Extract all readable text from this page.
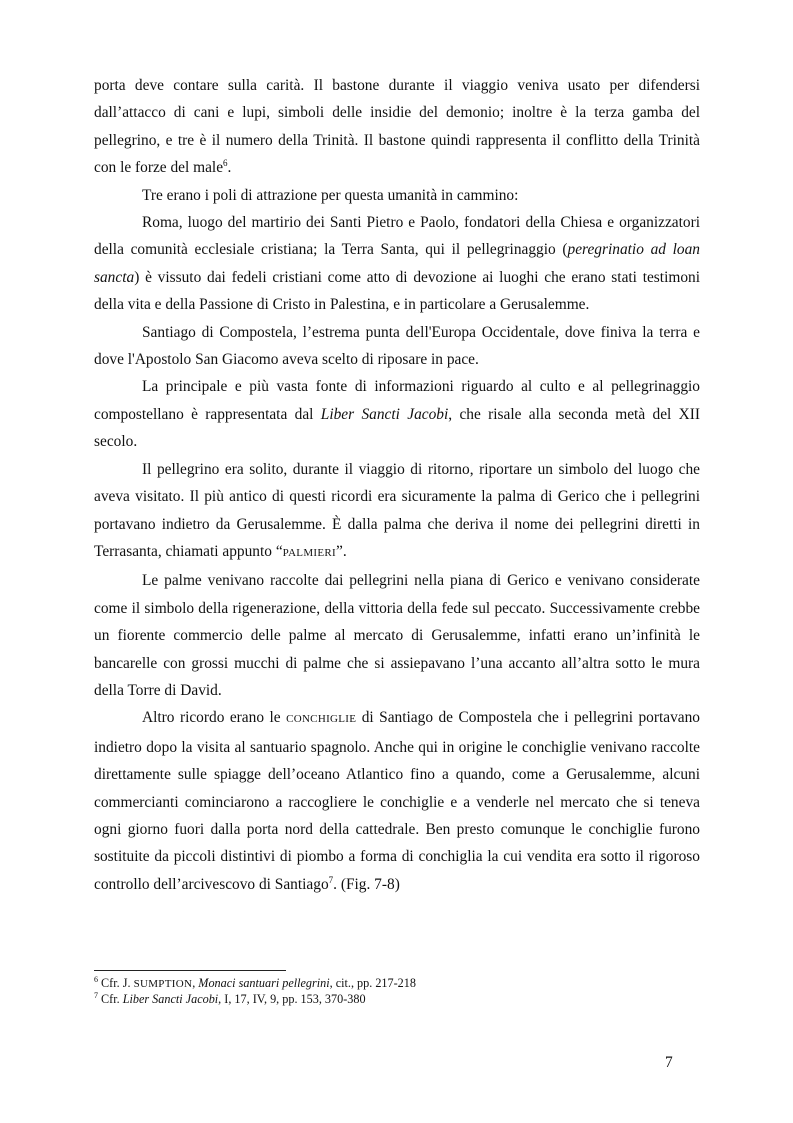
porta deve contare sulla carità. Il bastone durante il viaggio veniva usato per difendersi dall’attacco di cani e lupi, simboli delle insidie del demonio; inoltre è la terza gamba del pellegrino, e tre è il numero della Trinità. Il bastone quindi rappresenta il conflitto della Trinità con le forze del male$^6$.

Tre erano i poli di attrazione per questa umanità in cammino:

Roma, luogo del martirio dei Santi Pietro e Paolo, fondatori della Chiesa e organizzatori della comunità ecclesiale cristiana; la Terra Santa, qui il pellegrinaggio (peregrinatio ad loan sancta) è vissuto dai fedeli cristiani come atto di devozione ai luoghi che erano stati testimoni della vita e della Passione di Cristo in Palestina, e in particolare a Gerusalemme.

Santiago di Compostela, l’estrema punta dell'Europa Occidentale, dove finiva la terra e dove l'Apostolo San Giacomo aveva scelto di riposare in pace.

La principale e più vasta fonte di informazioni riguardo al culto e al pellegrinaggio compostellano è rappresentata dal Liber Sancti Jacobi, che risale alla seconda metà del XII secolo.

Il pellegrino era solito, durante il viaggio di ritorno, riportare un simbolo del luogo che aveva visitato. Il più antico di questi ricordi era sicuramente la palma di Gerico che i pellegrini portavano indietro da Gerusalemme. È dalla palma che deriva il nome dei pellegrini diretti in Terrasanta, chiamati appunto “PALMIERI”.

Le palme venivano raccolte dai pellegrini nella piana di Gerico e venivano considerate come il simbolo della rigenerazione, della vittoria della fede sul peccato. Successivamente crebbe un fiorente commercio delle palme al mercato di Gerusalemme, infatti erano un’infinità le bancarelle con grossi mucchi di palme che si assiepavano l’una accanto all’altra sotto le mura della Torre di David.

Altro ricordo erano le CONCHIGLIE di Santiago de Compostela che i pellegrini portavano indietro dopo la visita al santuario spagnolo. Anche qui in origine le conchiglie venivano raccolte direttamente sulle spiagge dell’oceano Atlantico fino a quando, come a Gerusalemme, alcuni commercianti cominciarono a raccogliere le conchiglie e a venderle nel mercato che si teneva ogni giorno fuori dalla porta nord della cattedrale. Ben presto comunque le conchiglie furono sostituite da piccoli distintivi di piombo a forma di conchiglia la cui vendita era sotto il rigoroso controllo dell’arcivescovo di Santiago$^7$. (Fig. 7-8)

$^6$ Cfr. J. SUMPTION, Monaci santuari pellegrini, cit., pp. 217-218

$^7$ Cfr. Liber Sancti Jacobi, I, 17, IV, 9, pp. 153, 370-380

7
